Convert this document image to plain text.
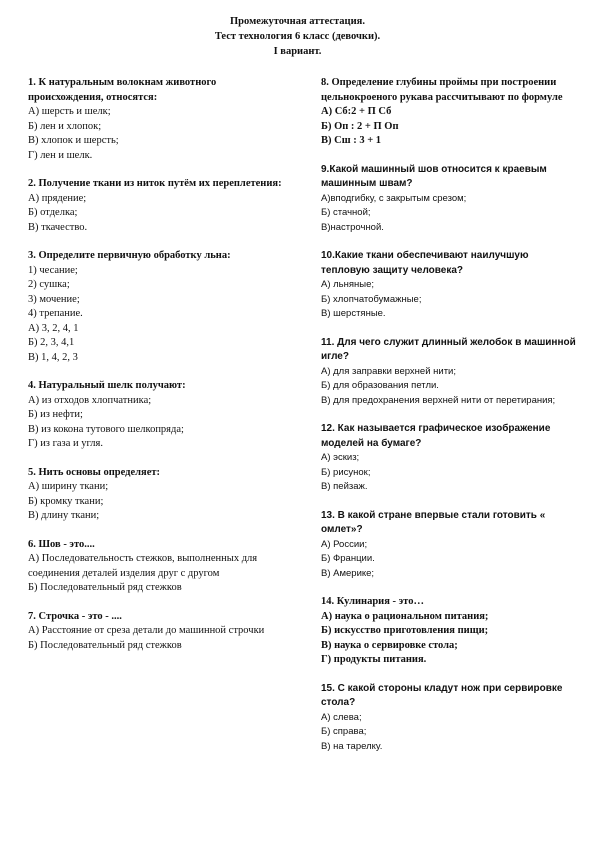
Промежуточная аттестация.
Тест технология 6 класс (девочки).
I вариант.
1. К натуральным волокнам животного происхождения, относятся:
А) шерсть и шелк;
Б) лен и хлопок;
В) хлопок и шерсть;
Г) лен и шелк.
2. Получение ткани из ниток путём их переплетения:
А) прядение;
Б) отделка;
В) ткачество.
3. Определите первичную обработку льна:
1) чесание;
2) сушка;
3) мочение;
4) трепание.
А) 3, 2, 4, 1
Б) 2, 3, 4,1
В) 1, 4, 2, 3
4. Натуральный шелк получают:
А) из отходов хлопчатника;
Б) из нефти;
В) из кокона тутового шелкопряда;
Г) из газа и угля.
5. Нить основы определяет:
А) ширину ткани;
Б) кромку ткани;
В) длину ткани;
6. Шов - это....
А) Последовательность стежков, выполненных для соединения деталей изделия друг с другом
Б) Последовательный ряд стежков
7. Строчка - это - ....
А) Расстояние от среза детали до машинной строчки
Б) Последовательный ряд стежков
8. Определение глубины проймы при построении цельнокроеного рукава рассчитывают по формуле
А) Сб:2 + П Сб
Б) Оп : 2 + П Оп
В) Сш : 3 + 1
9.Какой машинный шов относится к краевым машинным швам?
А)вподгибку, с закрытым срезом;
Б) стачной;
В)настрочной.
10.Какие ткани обеспечивают наилучшую тепловую защиту человека?
А) льняные;
Б) хлопчатобумажные;
В) шерстяные.
11. Для чего служит длинный желобок в машинной игле?
А) для заправки верхней нити;
Б) для образования петли.
В) для предохранения верхней нити от перетирания;
12. Как называется графическое изображение моделей на бумаге?
А) эскиз;
Б) рисунок;
В) пейзаж.
13. В какой стране впервые стали готовить « омлет»?
А) России;
Б) Франции.
В) Америке;
14. Кулинария - это…
А) наука о рациональном питания;
Б) искусство приготовления пищи;
В) наука о сервировке стола;
Г) продукты питания.
15. С какой стороны кладут нож при сервировке стола?
А) слева;
Б) справа;
В) на тарелку.
